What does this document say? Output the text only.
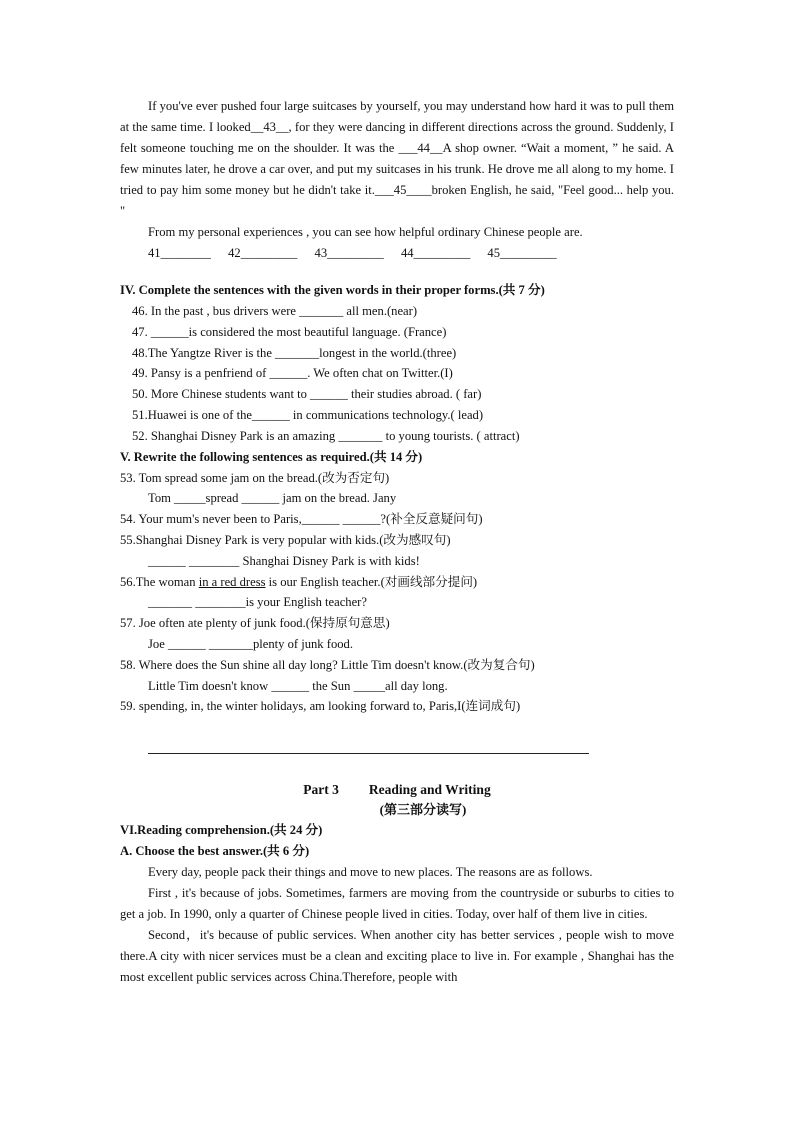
If you've ever pushed four large suitcases by yourself, you may understand how hard it was to pull them at the same time. I looked__43__, for they were dancing in different directions across the ground. Suddenly, I felt someone touching me on the shoulder. It was the ___44__A shop owner. “Wait a moment, ” he said. A few minutes later, he drove a car over, and put my suitcases in his trunk. He drove me all along to my home. I tried to pay him some money but he didn't take it.___45____broken English, he said, "Feel good... help you. "

From my personal experiences , you can see how helpful ordinary Chinese people are.

41________ 42_________ 43_________ 44_________ 45_________

IV. Complete the sentences with the given words in their proper forms.(共 7 分)

46. In the past , bus drivers were _______ all men.(near)

47. ______is considered the most beautiful language. (France)

48.The Yangtze River is the _______longest in the world.(three)

49. Pansy is a penfriend of ______. We often chat on Twitter.(I)

50. More Chinese students want to ______ their studies abroad. ( far)

51.Huawei is one of the______ in communications technology.( lead)

52. Shanghai Disney Park is an amazing _______ to young tourists. ( attract)

V. Rewrite the following sentences as required.(共 14 分)

53. Tom spread some jam on the bread.(改为否定句)

Tom _____spread ______ jam on the bread. Jany

54. Your mum's never been to Paris,______ ______?(补全反意疑问句)

55.Shanghai Disney Park is very popular with kids.(改为感叹句)

______ ________ Shanghai Disney Park is with kids!

56.The woman in a red dress is our English teacher.(对画线部分提问)

_______ ________is your English teacher?

57. Joe often ate plenty of junk food.(保持原句意思)

Joe ______ _______plenty of junk food.

58. Where does the Sun shine all day long? Little Tim doesn't know.(改为复合句)

Little Tim doesn't know ______ the Sun _____all day long.

59. spending, in, the winter holidays, am looking forward to, Paris,I(连词成句)

Part 3 Reading and Writing

(第三部分读写)

VI.Reading comprehension.(共 24 分)

A. Choose the best answer.(共 6 分)

Every day, people pack their things and move to new places. The reasons are as follows.

First , it's because of jobs. Sometimes, farmers are moving from the countryside or suburbs to cities to get a job. In 1990, only a quarter of Chinese people lived in cities. Today, over half of them live in cities.

Second，it's because of public services. When another city has better services , people wish to move there.A city with nicer services must be a clean and exciting place to live in. For example , Shanghai has the most excellent public services across China.Therefore, people with
